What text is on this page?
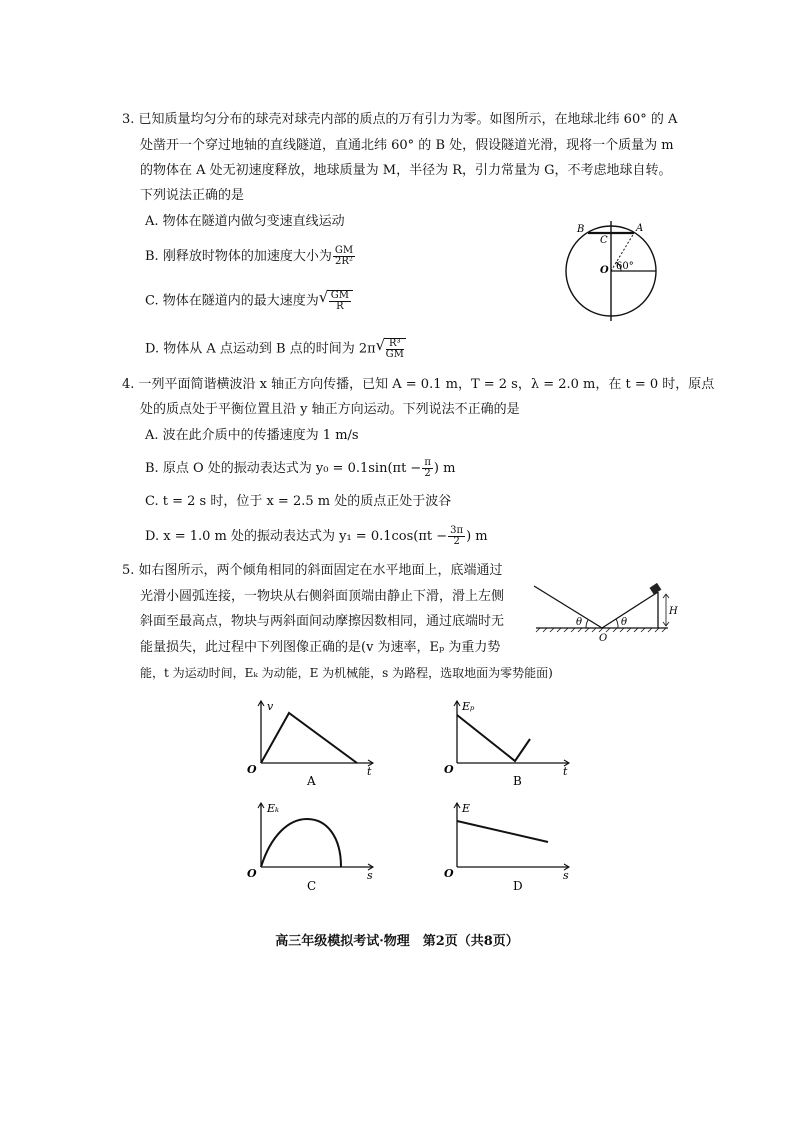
3. 已知质量均匀分布的球壳对球壳内部的质点的万有引力为零。如图所示，在地球北纬 60° 的 A
处凿开一个穿过地轴的直线隧道，直通北纬 60° 的 B 处，假设隧道光滑，现将一个质量为 m
的物体在 A 处无初速度释放，地球质量为 M，半径为 R，引力常量为 G，不考虑地球自转。
下列说法正确的是
A. 物体在隧道内做匀变速直线运动
B. 刚释放时物体的加速度大小为 $\frac{GM}{\text{2R²}}$
C. 物体在隧道内的最大速度为 √ $\frac{GM}{R}$
D. 物体从 A 点运动到 B 点的时间为 2π √ $\frac{\text{R³}}{GM}$
B
C
A
O 60°
4. 一列平面简谐横波沿 x 轴正方向传播，已知 A = 0.1 m，T = 2 s，λ = 2.0 m，在 t = 0 时，原点
处的质点处于平衡位置且沿 y 轴正方向运动。下列说法不正确的是
A. 波在此介质中的传播速度为 1 m/s
B. 原点 O 处的振动表达式为 $y_0 = 0.1\sin(\pi t - \frac{\pi}{2}$ ) m
C. t = 2 s 时，位于 x = 2.5 m 处的质点正处于波谷
D. x = 1.0 m 处的振动表达式为 $y_1 = 0.1\cos(\pi t - \frac{3\pi}{2}$ ) m
5. 如右图所示，两个倾角相同的斜面固定在水平地面上，底端通过
光滑小圆弧连接，一物块从右侧斜面顶端由静止下滑，滑上左侧
斜面至最高点，物块与两斜面间动摩擦因数相同，通过底端时无
能量损失，此过程中下列图像正确的是(v 为速率，Eₚ 为重力势
能，t 为运动时间，Eₖ 为动能，E 为机械能，s 为路程，选取地面为零势能面)
θ	θ
O
H
v
t
O
A
Eₚ
t
O
B
Eₖ
s
O
C
E
s
O
D
高三年级模拟考试·物理　第2页（共8页）
